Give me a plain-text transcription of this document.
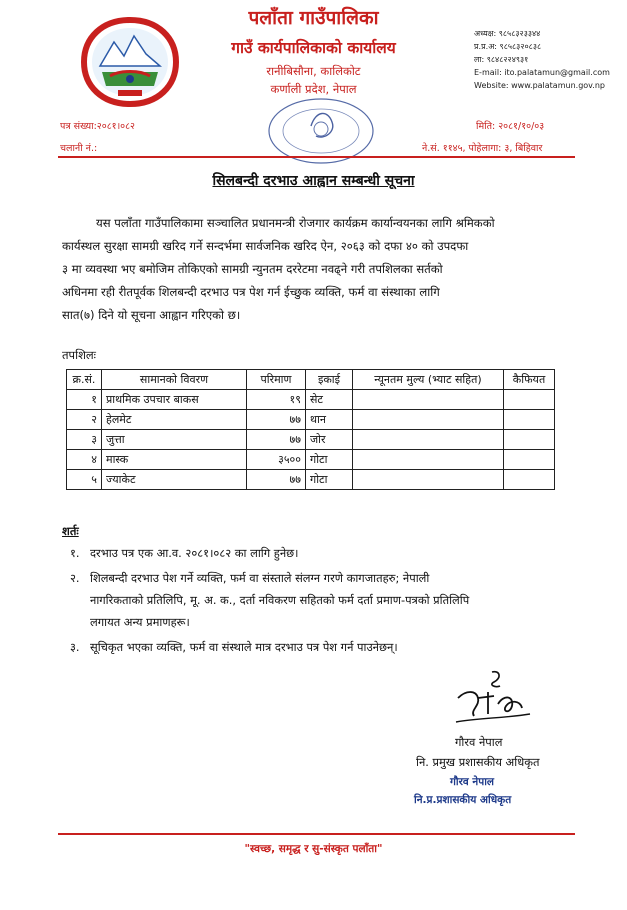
पलाँता गाउँपालिका
गाउँ कार्यपालिकाको कार्यालय
रानीबिसौना, कालिकोट
कर्णाली प्रदेश, नेपाल
अध्यक्ष: ९८५८३२३३४४
प्र.प्र.अ: ९८५८३२०८३८
ला: ९८४८२२४९३१
E-mail: ito.palatamun@gmail.com
Website: www.palatamun.gov.np
पत्र संख्या:२०८१।०८२
चलानी नं.:
मिति: २०८१/१०/०३
ने.सं. ११४५, पोहेलागा: ३, बिहिवार
सिलबन्दी दरभाउ आह्वान सम्बन्धी सूचना
यस पलाँता गाउँपालिकामा सञ्चालित प्रधानमन्त्री रोजगार कार्यक्रम कार्यान्वयनका लागि श्रमिकको
कार्यस्थल सुरक्षा सामग्री खरिद गर्ने सन्दर्भमा सार्वजनिक खरिद ऐन, २०६३ को दफा ४० को उपदफा
३ मा व्यवस्था भए बमोजिम तोकिएको सामग्री न्युनतम दररेटमा नवढ्ने गरी तपशिलका सर्तको
अधिनमा रही रीतपूर्वक शिलबन्दी दरभाउ पत्र पेश गर्न ईच्छुक व्यक्ति, फर्म वा संस्थाका लागि
सात(७) दिने यो सूचना आह्वान गरिएको छ।
तपशिलः
क्र.सं.	सामानको विवरण	परिमाण	इकाई	न्यूनतम मुल्य (भ्याट सहित)	कैफियत
१	प्राथमिक उपचार बाकस	१९	सेट		
२	हेलमेट	७७	थान		
३	जुत्ता	७७	जोर		
४	मास्क	३५००	गोटा		
५	ज्याकेट	७७	गोटा		
शर्तः
१. दरभाउ पत्र एक आ.व. २०८१।०८२ का लागि हुनेछ।
२. शिलबन्दी दरभाउ पेश गर्ने व्यक्ति, फर्म वा संस्ताले संलग्न गरणे कागजातहरु; नेपाली
नागरिकताको प्रतिलिपि, मू. अ. क., दर्ता नविकरण सहितको फर्म दर्ता प्रमाण-पत्रको प्रतिलिपि
लगायत अन्य प्रमाणहरू।
३. सूचिकृत भएका व्यक्ति, फर्म वा संस्थाले मात्र दरभाउ पत्र पेश गर्न पाउनेछन्।
गौरव नेपाल
नि. प्रमुख प्रशासकीय अधिकृत
गौरव नेपाल
नि.प्र.प्रशासकीय अधिकृत
"स्वच्छ, समृद्ध र सु-संस्कृत पलाँता"
